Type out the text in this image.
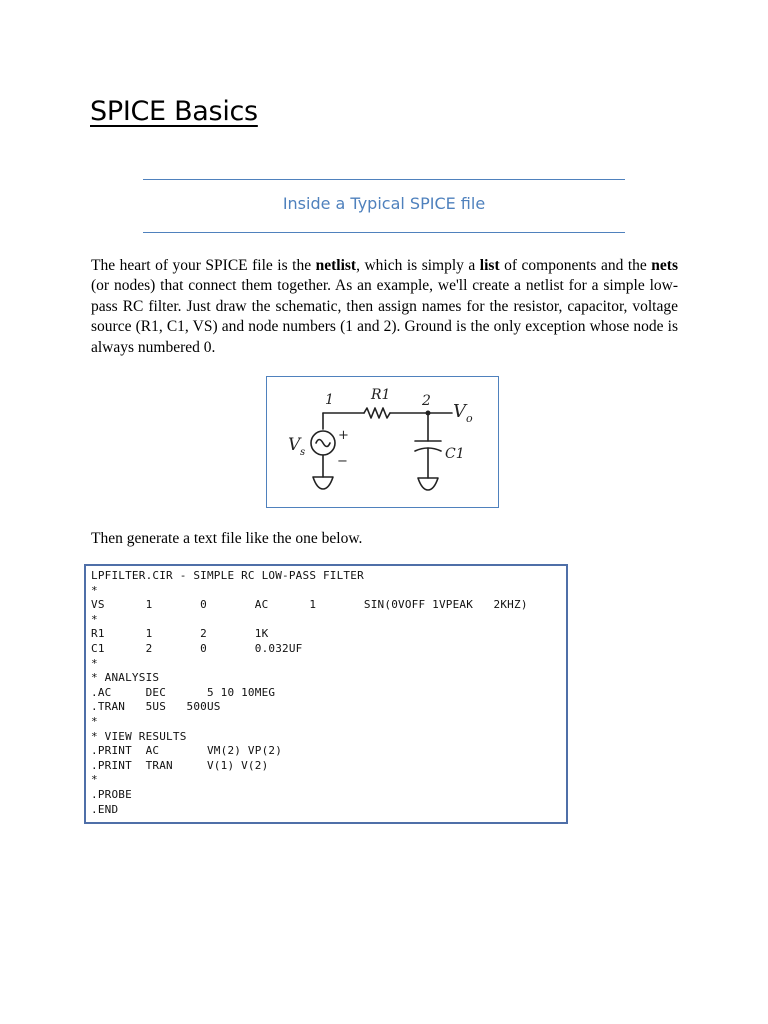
SPICE Basics
Inside a Typical SPICE file

The heart of your SPICE file is the netlist, which is simply a list of components and the nets (or nodes) that connect them together. As an example, we'll create a netlist for a simple low-pass RC filter. Just draw the schematic, then assign names for the resistor, capacitor, voltage source (R1, C1, VS) and node numbers (1 and 2). Ground is the only exception whose node is always numbered 0.

1	R1 2 V o
V s
+
−	C1

Then generate a text file like the one below.

LPFILTER.CIR - SIMPLE RC LOW-PASS FILTER
*
VS      1       0       AC      1       SIN(0VOFF 1VPEAK   2KHZ)
*
R1      1       2       1K
C1      2       0       0.032UF
*
* ANALYSIS
.AC     DEC      5 10 10MEG
.TRAN   5US   500US
*
* VIEW RESULTS
.PRINT  AC       VM(2) VP(2)
.PRINT  TRAN     V(1) V(2)
*
.PROBE
.END
